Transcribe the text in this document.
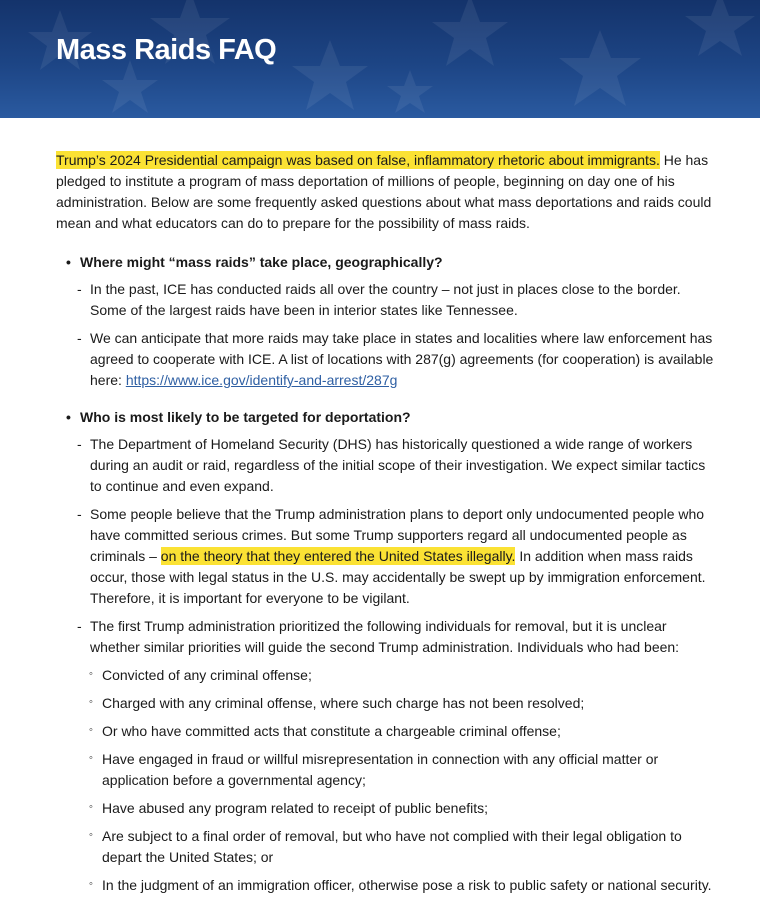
Mass Raids FAQ

Trump’s 2024 Presidential campaign was based on false, inflammatory rhetoric about immigrants. He has pledged to institute a program of mass deportation of millions of people, beginning on day one of his administration. Below are some frequently asked questions about what mass deportations and raids could mean and what educators can do to prepare for the possibility of mass raids.

• Where might “mass raids” take place, geographically?
- In the past, ICE has conducted raids all over the country – not just in places close to the border. Some of the largest raids have been in interior states like Tennessee.
- We can anticipate that more raids may take place in states and localities where law enforcement has agreed to cooperate with ICE. A list of locations with 287(g) agreements (for cooperation) is available here: https://www.ice.gov/identify-and-arrest/287g
• Who is most likely to be targeted for deportation?
- The Department of Homeland Security (DHS) has historically questioned a wide range of workers during an audit or raid, regardless of the initial scope of their investigation. We expect similar tactics to continue and even expand.
- Some people believe that the Trump administration plans to deport only undocumented people who have committed serious crimes. But some Trump supporters regard all undocumented people as criminals – on the theory that they entered the United States illegally. In addition when mass raids occur, those with legal status in the U.S. may accidentally be swept up by immigration enforcement. Therefore, it is important for everyone to be vigilant.
- The first Trump administration prioritized the following individuals for removal, but it is unclear whether similar priorities will guide the second Trump administration. Individuals who had been:
◦ Convicted of any criminal offense;
◦ Charged with any criminal offense, where such charge has not been resolved;
◦ Or who have committed acts that constitute a chargeable criminal offense;
◦ Have engaged in fraud or willful misrepresentation in connection with any official matter or application before a governmental agency;
◦ Have abused any program related to receipt of public benefits;
◦ Are subject to a final order of removal, but who have not complied with their legal obligation to depart the United States; or
◦ In the judgment of an immigration officer, otherwise pose a risk to public safety or national security.
